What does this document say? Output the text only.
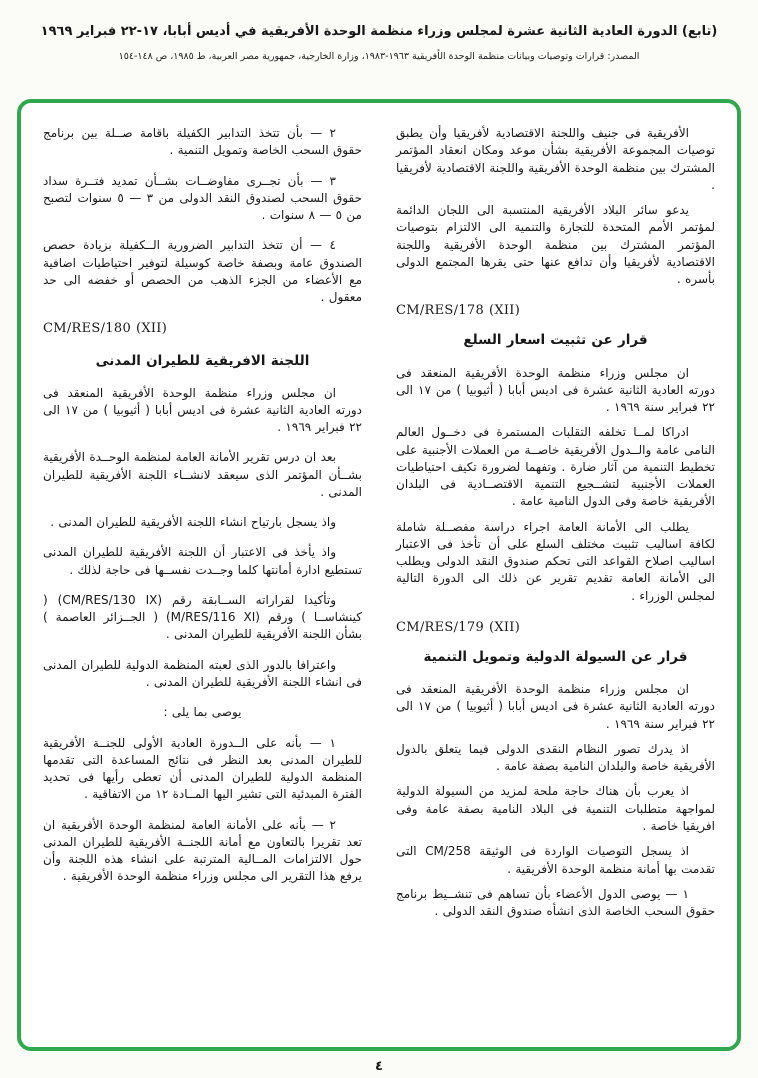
(تابع) الدورة العادية الثانية عشرة لمجلس وزراء منظمة الوحدة الأفريقية في أديس أبابا، ١٧-٢٢ فبراير ١٩٦٩
المصدر: قرارات وتوصيات وبيانات منظمة الوحدة الأفريقية ١٩٦٣-١٩٨٣، وزارة الخارجية، جمهورية مصر العربية، ط ١٩٨٥، ص ١٤٨-١٥٤

الأفريقية فى جنيف واللجنة الاقتصادية لأفريقيا وأن يطبق توصيات المجموعة الأفريقية بشأن موعد ومكان انعقاد المؤتمر المشترك بين منظمة الوحدة الأفريقية واللجنة الاقتصادية لأفريقيا .

يدعو سائر البلاد الأفريقية المنتسبة الى اللجان الدائمة لمؤتمر الأمم المتحدة للتجارة والتنمية الى الالتزام بتوصيات المؤتمر المشترك بين منظمة الوحدة الأفريقية واللجنة الاقتصادية لأفريقيا وأن تدافع عنها حتى يقرها المجتمع الدولى بأسره .

CM/RES/178 (XII)

قرار عن تثبيت اسعار السلع

ان مجلس وزراء منظمة الوحدة الأفريقية المنعقد فى دورته العادية الثانية عشرة فى اديس أبابا ( أثيوبيا ) من ١٧ الى ٢٢ فبراير سنة ١٩٦٩ .

ادراكا لمــا تخلفه التقلبات المستمرة فى دخــول العالم النامى عامة والــدول الأفريقية خاصــة من العملات الأجنبية على تخطيط التنمية من آثار ضارة . وتفهما لضرورة تكيف احتياطيات العملات الأجنبية لتشــجيع التنمية الاقتصــادية فى البلدان الأفريقية خاصة وفى الدول النامية عامة .

يطلب الى الأمانة العامة اجراء دراسة مفصــلة شاملة لكافة اساليب تثبيت مختلف السلع على أن تأخذ فى الاعتبار اساليب اصلاح القواعد التى تحكم صندوق النقد الدولى ويطلب الى الأمانة العامة تقديم تقرير عن ذلك الى الدورة التالية لمجلس الوزراء .

CM/RES/179 (XII)

قرار عن السيولة الدولية وتمويل التنمية

ان مجلس وزراء منظمة الوحدة الأفريقية المنعقد فى دورته العادية الثانية عشرة فى اديس أبابا ( أثيوبيا ) من ١٧ الى ٢٢ فبراير سنة ١٩٦٩ .

اذ يدرك تصور النظام النقدى الدولى فيما يتعلق بالدول الأفريقية خاصة والبلدان النامية بصفة عامة .

اذ يعرب بأن هناك حاجة ملحة لمزيد من السيولة الدولية لمواجهة متطلبات التنمية فى البلاد النامية بصفة عامة وفى افريقيا خاصة .

اذ يسجل التوصيات الواردة فى الوثيقة CM/258 التى تقدمت بها أمانة منظمة الوحدة الأفريقية .

١ — يوصى الدول الأعضاء بأن تساهم فى تنشــيط برنامج حقوق السحب الخاصة الذى انشأه صندوق النقد الدولى .

٢ — بأن تتخذ التدابير الكفيلة باقامة صــلة بين برنامج حقوق السحب الخاصة وتمويل التنمية .

٣ — بأن تجــرى مفاوضــات بشــأن تمديد فتــرة سداد حقوق السحب لصندوق النقد الدولى من ٣ — ٥ سنوات لتصبح من ٥ — ٨ سنوات .

٤ — أن تتخذ التدابير الضرورية الــكفيلة بزيادة حصص الصندوق عامة وبصفة خاصة كوسيلة لتوفير احتياطيات اضافية مع الأعضاء من الجزء الذهب من الحصص أو خفضه الى حد معقول .

CM/RES/180 (XII)

اللجنة الافريقية للطيران المدنى

ان مجلس وزراء منظمة الوحدة الأفريقية المنعقد فى دورته العادية الثانية عشرة فى اديس أبابا ( أثيوبيا ) من ١٧ الى ٢٢ فبراير ١٩٦٩ .

بعد ان درس تقرير الأمانة العامة لمنظمة الوحــدة الأفريقية بشــأن المؤتمر الذى سيعقد لانشــاء اللجنة الأفريقية للطيران المدنى .

واذ يسجل بارتياح انشاء اللجنة الأفريقية للطيران المدنى .

واذ يأخذ فى الاعتبار أن اللجنة الأفريقية للطيران المدنى تستطيع ادارة أمانتها كلما وجــدت نفســها فى حاجة لذلك .

وتأكيدا لقراراته الســابقة رقم (CM/RES/130 IX) ( كينشاســا ) ورقم (M/RES/116 XI) ( الجــزائر العاصمة ) بشأن اللجنة الأفريقية للطيران المدنى .

واعترافا بالدور الذى لعبته المنظمة الدولية للطيران المدنى فى انشاء اللجنة الأفريقية للطيران المدنى .

يوصى بما يلى :

١ — بأنه على الــدورة العادية الأولى للجنــة الأفريقية للطيران المدنى بعد النظر فى نتائج المساعدة التى تقدمها المنظمة الدولية للطيران المدنى أن تعطى رأيها فى تحديد الفترة المبدئية التى تشير اليها المــادة ١٢ من الاتفاقية .

٢ — بأنه على الأمانة العامة لمنظمة الوحدة الأفريقية ان تعد تقريرا بالتعاون مع أمانة اللجنــة الأفريقية للطيران المدنى حول الالتزامات المــالية المترتبة على انشاء هذه اللجنة وأن يرفع هذا التقرير الى مجلس وزراء منظمة الوحدة الأفريقية .

٤
